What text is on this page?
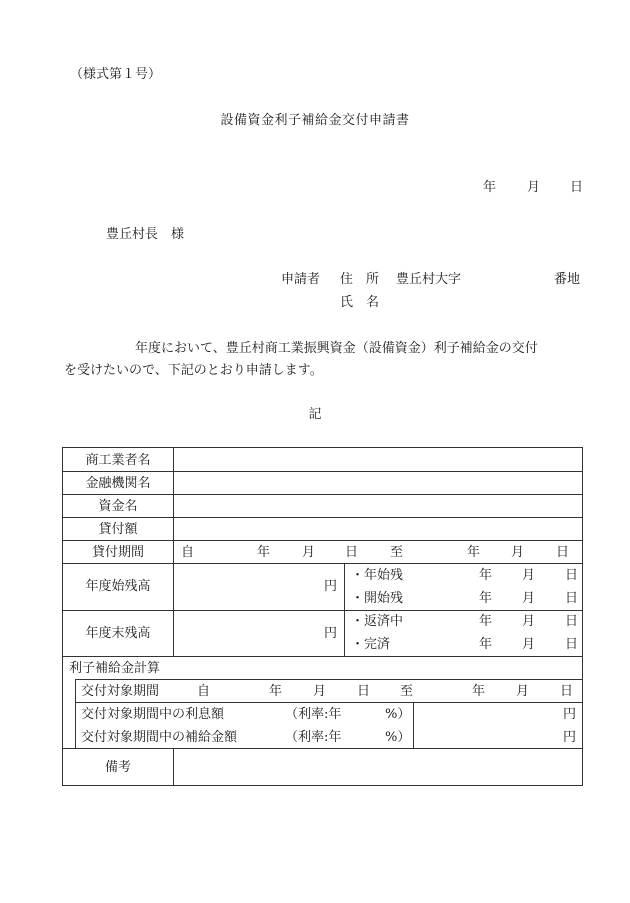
（様式第１号）
設備資金利子補給金交付申請書
年 月 日
豊丘村長　様
申請者 住　所 豊丘村大字	番地
氏　名
年度において、豊丘村商工業振興資金（設備資金）利子補給金の交付
を受けたいので、下記のとおり申請します。
記
商工業者名
金融機関名
資金名
貸付額
貸付期間	自	年 月 日 至	年 月 日
年度始残高	円
・年始残	年 月 日
・開始残	年 月 日
年度末残高	円
・返済中	年 月 日
・完済	年 月 日
利子補給金計算
交付対象期間	自	年 月 日 至	年 月 日
交付対象期間中の利息額	（利率:年	%）	円
交付対象期間中の補給金額	（利率:年	%）	円
備考
